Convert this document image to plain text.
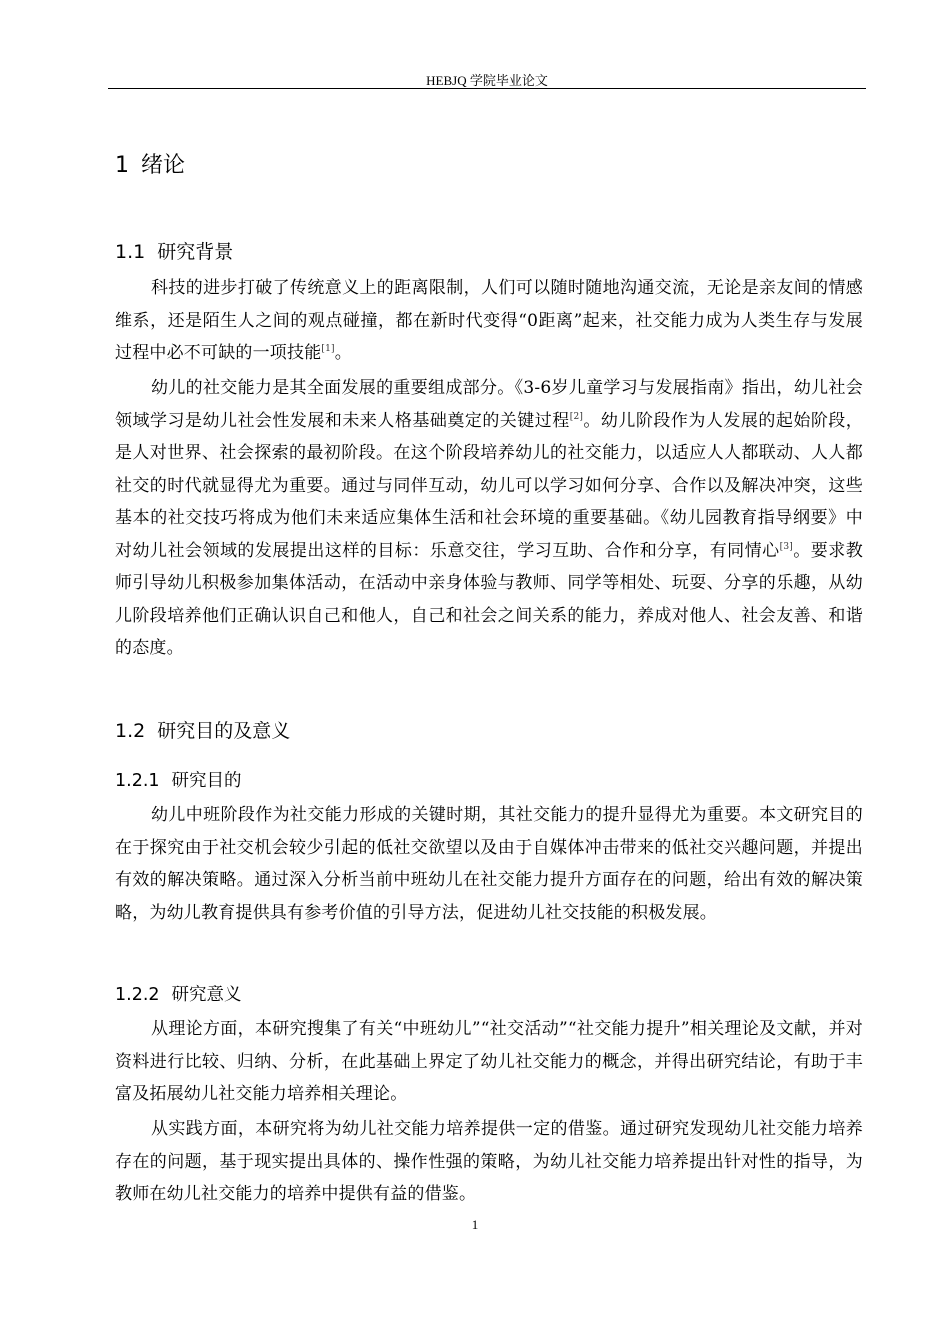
HEBJQ 学院毕业论文
1 绪论
1.1 研究背景
科技的进步打破了传统意义上的距离限制，人们可以随时随地沟通交流，无论是亲友间的情感维系，还是陌生人之间的观点碰撞，都在新时代变得“0距离”起来，社交能力成为人类生存与发展过程中必不可缺的一项技能[1]。
幼儿的社交能力是其全面发展的重要组成部分。《3-6岁儿童学习与发展指南》指出，幼儿社会领域学习是幼儿社会性发展和未来人格基础奠定的关键过程[2]。幼儿阶段作为人发展的起始阶段，是人对世界、社会探索的最初阶段。在这个阶段培养幼儿的社交能力，以适应人人都联动、人人都社交的时代就显得尤为重要。通过与同伴互动，幼儿可以学习如何分享、合作以及解决冲突，这些基本的社交技巧将成为他们未来适应集体生活和社会环境的重要基础。《幼儿园教育指导纲要》中对幼儿社会领域的发展提出这样的目标：乐意交往，学习互助、合作和分享，有同情心[3]。要求教师引导幼儿积极参加集体活动，在活动中亲身体验与教师、同学等相处、玩耍、分享的乐趣，从幼儿阶段培养他们正确认识自己和他人，自己和社会之间关系的能力，养成对他人、社会友善、和谐的态度。
1.2 研究目的及意义
1.2.1 研究目的
幼儿中班阶段作为社交能力形成的关键时期，其社交能力的提升显得尤为重要。本文研究目的在于探究由于社交机会较少引起的低社交欲望以及由于自媒体冲击带来的低社交兴趣问题，并提出有效的解决策略。通过深入分析当前中班幼儿在社交能力提升方面存在的问题，给出有效的解决策略，为幼儿教育提供具有参考价值的引导方法，促进幼儿社交技能的积极发展。
1.2.2 研究意义
从理论方面，本研究搜集了有关“中班幼儿”“社交活动”“社交能力提升”相关理论及文献，并对资料进行比较、归纳、分析，在此基础上界定了幼儿社交能力的概念，并得出研究结论，有助于丰富及拓展幼儿社交能力培养相关理论。
从实践方面，本研究将为幼儿社交能力培养提供一定的借鉴。通过研究发现幼儿社交能力培养存在的问题，基于现实提出具体的、操作性强的策略，为幼儿社交能力培养提出针对性的指导，为教师在幼儿社交能力的培养中提供有益的借鉴。
1
